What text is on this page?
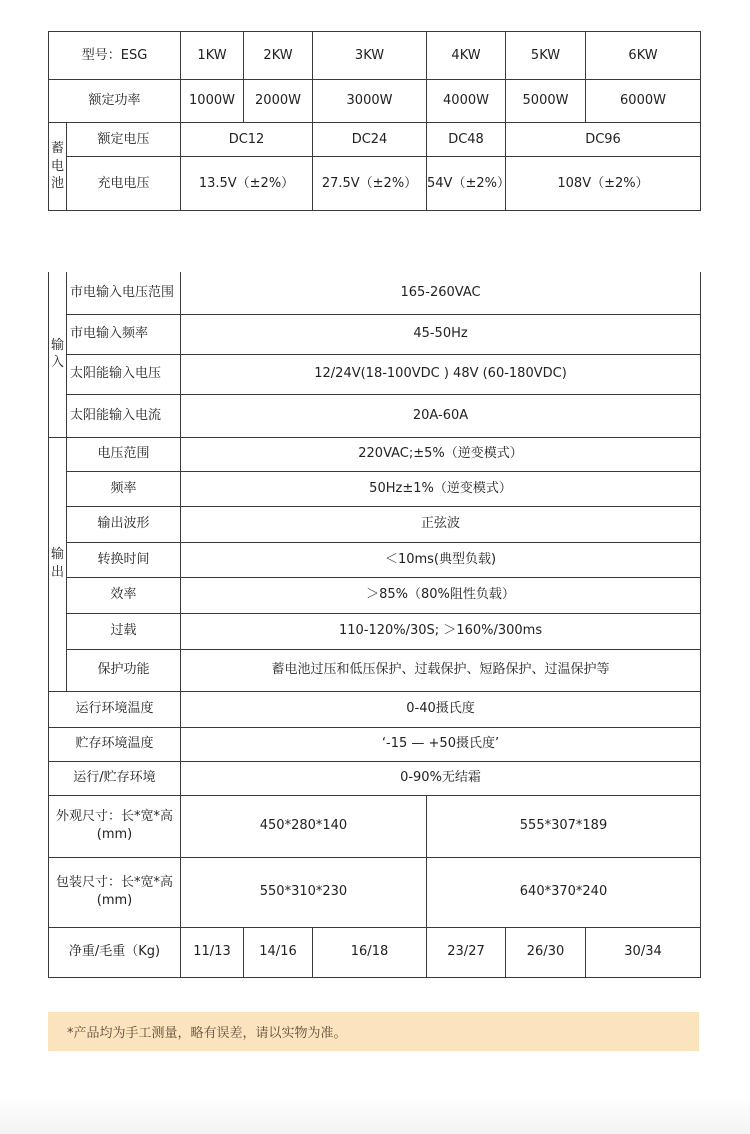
型号：ESG		1KW	2KW	3KW	4KW	5KW	6KW
额定功率		1000W	2000W	3000W	4000W	5000W	6000W
蓄
电
池	额定电压	DC12		DC24	DC48	DC96	
	充电电压	13.5V（±2%）		27.5V（±2%）	54V（±2%）	108V（±2%）	
输
入	市电输入电压范围	165-260VAC					
	市电输入频率	45-50Hz					
	太阳能输入电压	12/24V(18-100VDC ) 48V (60-180VDC)					
	太阳能输入电流	20A-60A					
输
出	电压范围	220VAC;±5%（逆变模式）					
	频率	50Hz±1%（逆变模式）					
	输出波形	正弦波					
	转换时间	＜10ms(典型负载)					
	效率	＞85%（80%阻性负载）					
	过载	110-120%/30S; ＞160%/300ms					
	保护功能	蓄电池过压和低压保护、过载保护、短路保护、过温保护等					
运行环境温度		0-40摄氏度					
贮存环境温度		‘-15 — +50摄氏度’					
运行/贮存环境		0-90%无结霜					
外观尺寸：长*宽*高
(mm)		450*280*140			555*307*189		
包装尺寸：长*宽*高
(mm)		550*310*230			640*370*240		
净重/毛重（Kg)		11/13	14/16	16/18	23/27	26/30	30/34
*产品均为手工测量，略有误差，请以实物为准。
